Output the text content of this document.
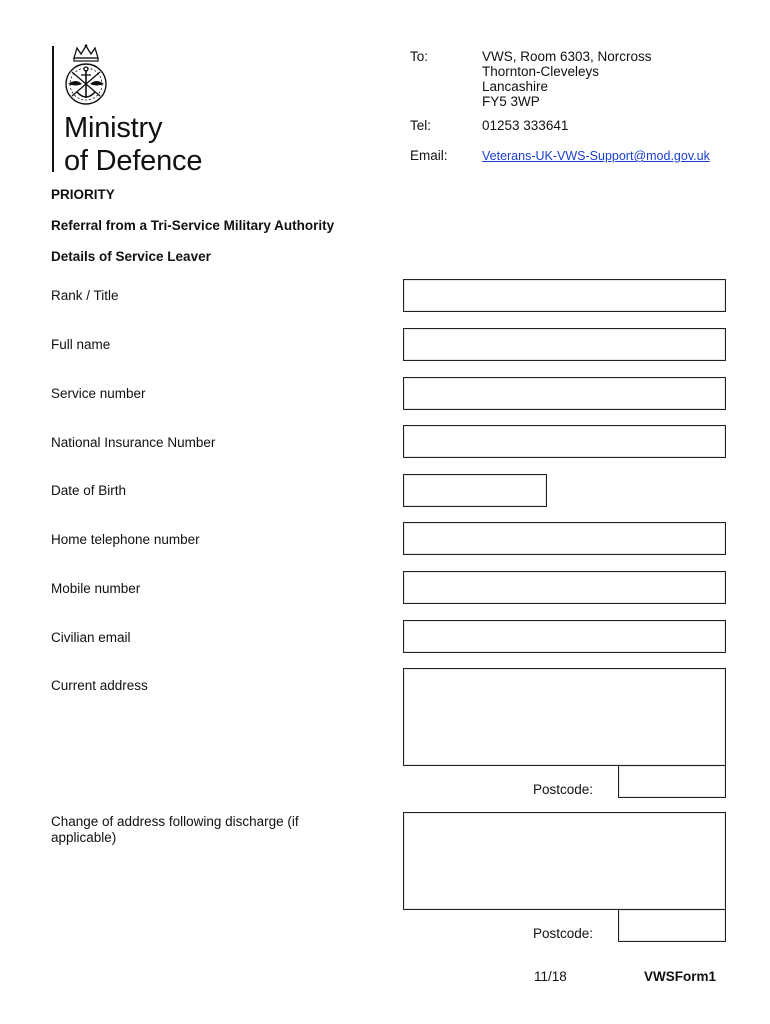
Ministry
of Defence
To:	VWS, Room 6303, Norcross
Thornton-Cleveleys
Lancashire
FY5 3WP
Tel:	01253 333641
Email:	Veterans-UK-VWS-Support@mod.gov.uk
PRIORITY
Referral from a Tri-Service Military Authority
Details of Service Leaver
Rank / Title
Full name
Service number
National Insurance Number
Date of Birth
Home telephone number
Mobile number
Civilian email
Current address
Postcode:
Change of address following discharge (if
applicable)
Postcode:
11/18	VWSForm1
